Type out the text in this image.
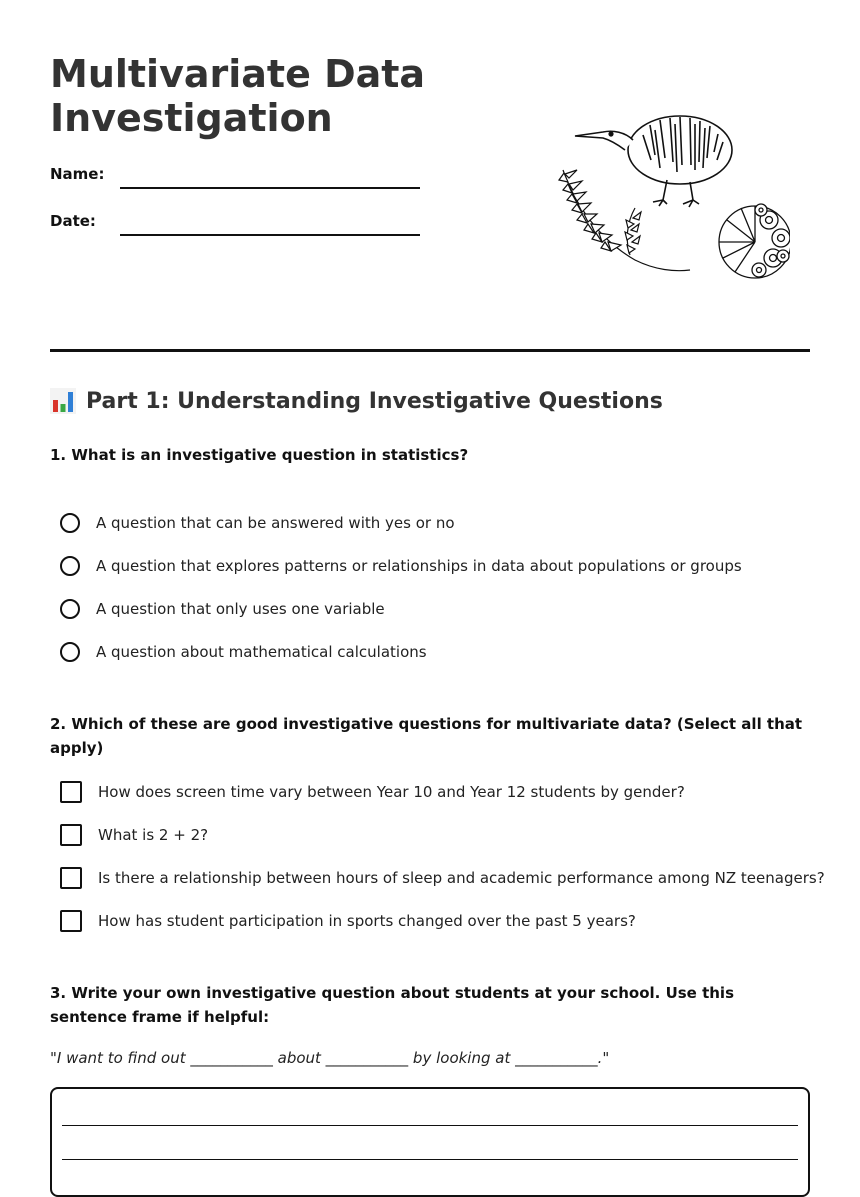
Multivariate Data
Investigation
Name:
Date:
Part 1: Understanding Investigative Questions
1. What is an investigative question in statistics?
A question that can be answered with yes or no
A question that explores patterns or relationships in data about populations or groups
A question that only uses one variable
A question about mathematical calculations
2. Which of these are good investigative questions for multivariate data? (Select all that apply)
How does screen time vary between Year 10 and Year 12 students by gender?
What is 2 + 2?
Is there a relationship between hours of sleep and academic performance among NZ teenagers?
How has student participation in sports changed over the past 5 years?
3. Write your own investigative question about students at your school. Use this sentence frame if helpful:
"I want to find out ___________ about ___________ by looking at ___________."
